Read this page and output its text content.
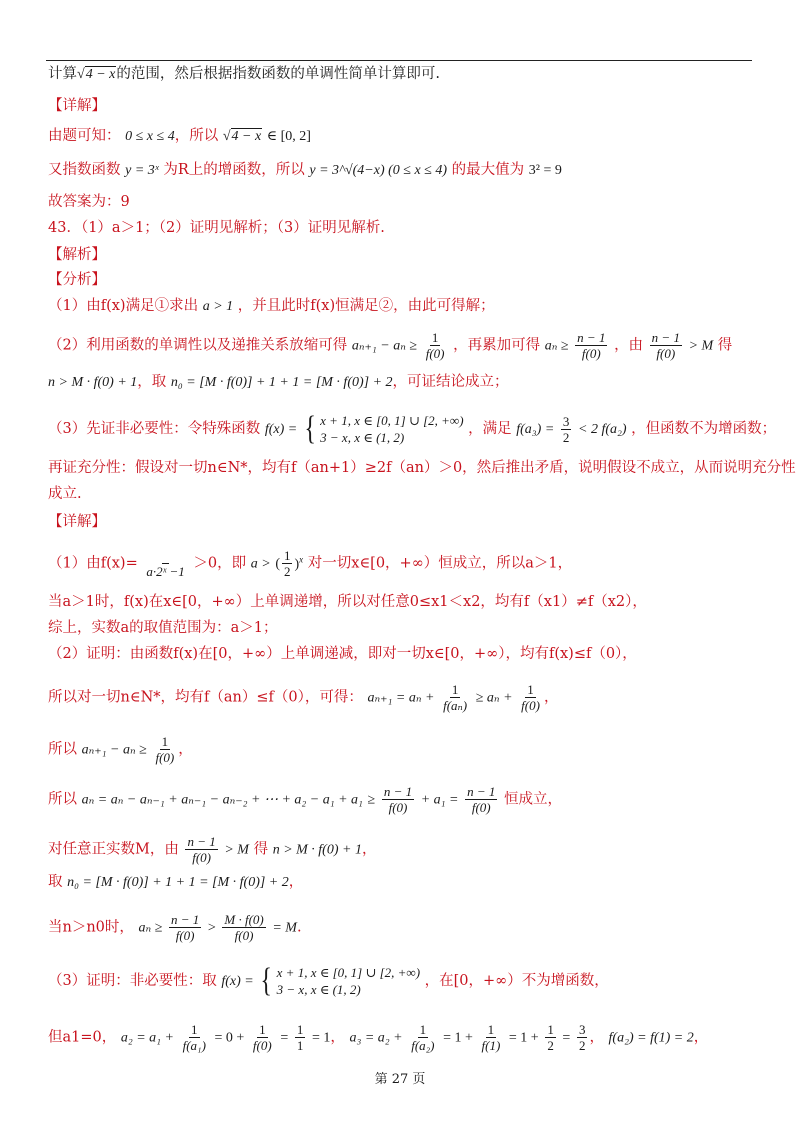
计算√4 − x的范围，然后根据指数函数的单调性简单计算即可.
【详解】
由题可知： 0 ≤ x ≤ 4，所以 √4 − x ∈ [0, 2]
又指数函数 y = 3ˣ 为R上的增函数，所以 y = 3^√(4−x) (0 ≤ x ≤ 4) 的最大值为 3² = 9
故答案为：9
43．（1）a＞1；（2）证明见解析；（3）证明见解析.
【解析】
【分析】
（1）由f(x)满足①求出 a > 1 ，并且此时f(x)恒满足②，由此可得解；
（2）利用函数的单调性以及递推关系放缩可得 $a_{n+1} - a_n \ge \frac{1}{f(0)}$ ，再累加可得 $a_n \ge \frac{n - 1}{f(0)}$ ，由 $\frac{n - 1}{f(0)} > M$ 得
n > M · f(0) + 1，取 n₀ = [M · f(0)] + 1 + 1 = [M · f(0)] + 2，可证结论成立；
（3）先证非必要性：令特殊函数 f(x) = { x + 1, x ∈ [0, 1] ∪ [2, +∞)
3 − x, x ∈ (1, 2)
，满足 $f(a_3) = \frac{3}{2} < 2$ f(a₂) ，但函数不为增函数；
再证充分性：假设对一切n∈N*，均有f（an+1）≥2f（an）＞0，然后推出矛盾，说明假设不成立，从而说明充分性
成立.
【详解】
（1）由f(x)=
a·2ˣ −1 ＞0，即 a > ( $\frac{1}{2} )^x$ 对一切x∈[0，+∞）恒成立，所以a＞1，
当a＞1时，f(x)在x∈[0，+∞）上单调递增，所以对任意0≤x1＜x2，均有f（x1）≠f（x2），
综上，实数a的取值范围为：a＞1；
（2）证明：由函数f(x)在[0，+∞）上单调递减，即对一切x∈[0，+∞），均有f(x)≤f（0），
所以对一切n∈N*，均有f（an）≤f（0），可得： $a_{n+1} = a_n + \frac{1}{\text{f(aₙ)}} \ge a_n + \frac{1}{f(0)}$ ，
所以 $a_{n+1} - a_n \ge \frac{1}{f(0)}$ ，
所以 aₙ = aₙ − aₙ₋₁ + aₙ₋₁ − aₙ₋₂ + ⋯ + $a_2 - a_1 + a_1 \ge \frac{n - 1}{f(0)} + a_1 = \frac{n - 1}{f(0)}$ 恒成立，
对任意正实数M，由 $\frac{n - 1}{f(0)} > M$ 得 n > M · f(0) + 1，
取 n₀ = [M · f(0)] + 1 + 1 = [M · f(0)] + 2，
当n＞n0时， $a_n \ge \frac{n - 1}{f(0)} > \frac{M \cdot f(0)}{f(0)} = M$.
（3）证明：非必要性：取 f(x) = { x + 1, x ∈ [0, 1] ∪ [2, +∞)
3 − x, x ∈ (1, 2)
，在[0，+∞）不为增函数，
但a1=0， $a_2 = a_1 + \frac{1}{\text{f(a₁)}} = 0 + \frac{1}{f(0)} = \frac{1}{1} = 1$， $a_3 = a_2 + \frac{1}{\text{f(a₂)}} = 1 + \frac{1}{f(1)} = 1 + \frac{1}{2} = \frac{3}{2}$ ， f(a₂) = f(1) = 2，
第 27 页
